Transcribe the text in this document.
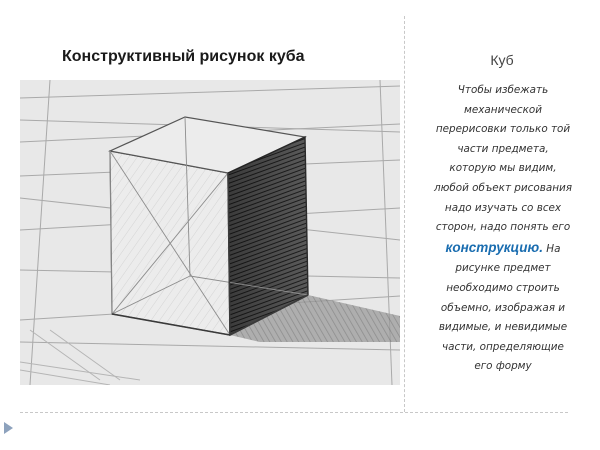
Конструктивный рисунок куба	Куб
Чтобы избежать
механической
перерисовки только той
части предмета,
которую мы видим,
любой объект рисования
надо изучать со всех
сторон, надо понять его
конструкцию. На
рисунке предмет
необходимо строить
объемно, изображая и
видимые, и невидимые
части, определяющие
его форму
